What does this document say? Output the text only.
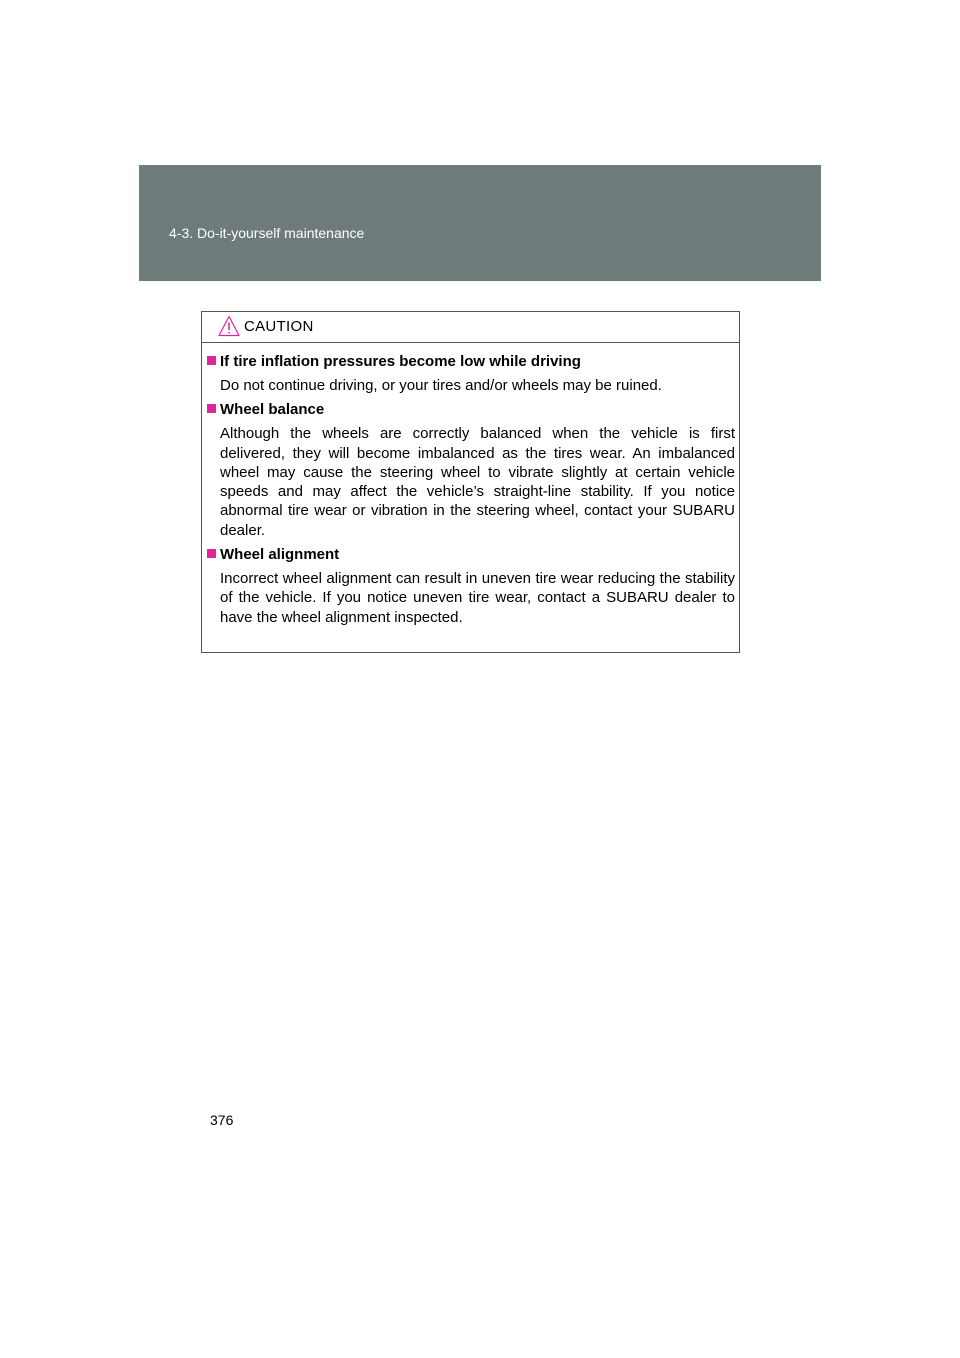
4-3. Do-it-yourself maintenance
CAUTION
If tire inflation pressures become low while driving
Do not continue driving, or your tires and/or wheels may be ruined.
Wheel balance
Although the wheels are correctly balanced when the vehicle is first delivered, they will become imbalanced as the tires wear. An imbalanced wheel may cause the steering wheel to vibrate slightly at certain vehicle speeds and may affect the vehicle’s straight-line stability. If you notice abnormal tire wear or vibration in the steering wheel, contact your SUBARU dealer.
Wheel alignment
Incorrect wheel alignment can result in uneven tire wear reducing the stability of the vehicle. If you notice uneven tire wear, contact a SUBARU dealer to have the wheel alignment inspected.
376
